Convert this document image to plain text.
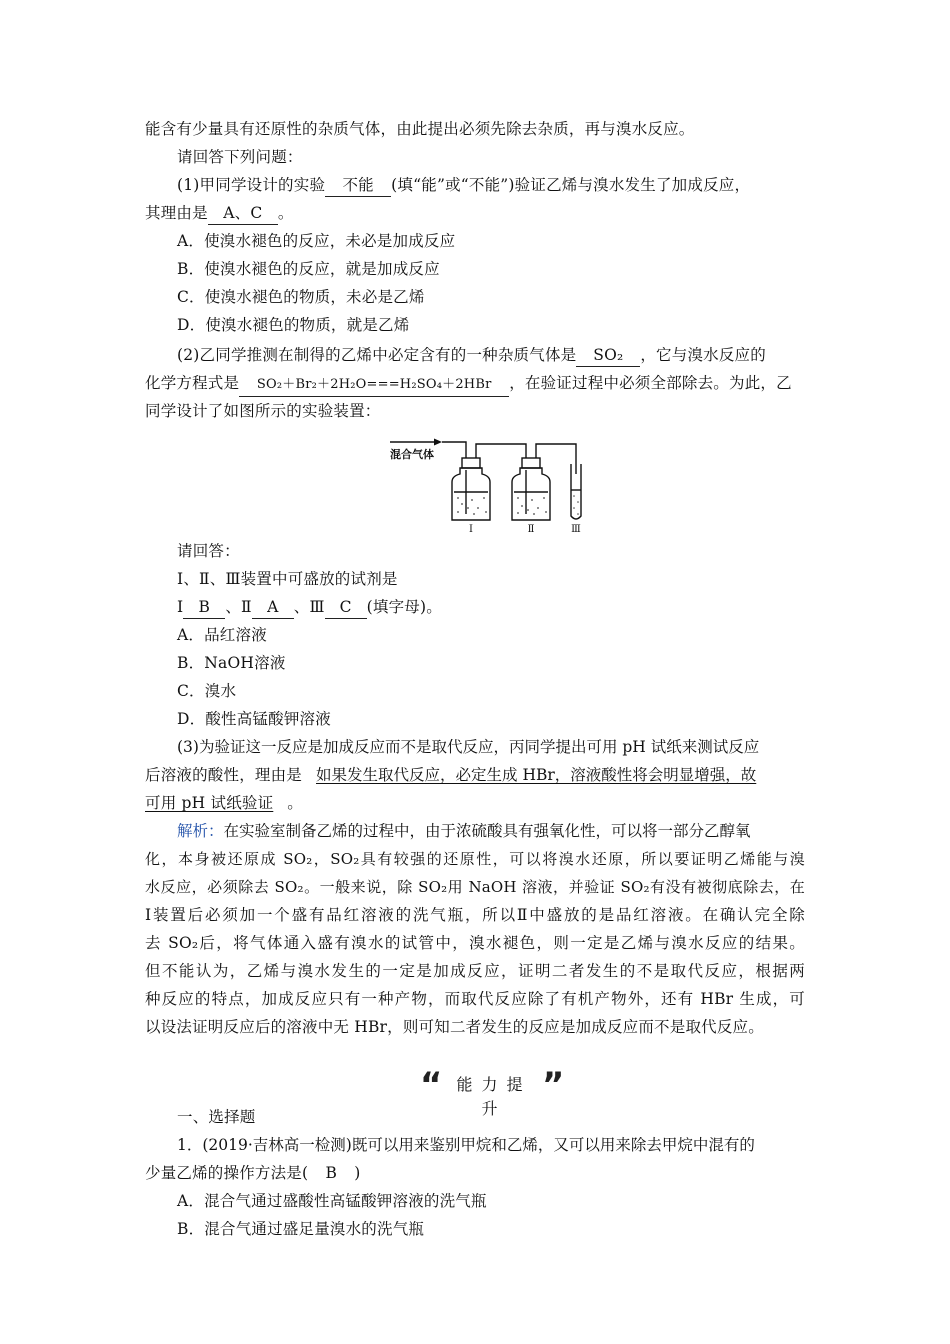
能含有少量具有还原性的杂质气体，由此提出必须先除去杂质，再与溴水反应。
请回答下列问题：
(1)甲同学设计的实验 不能 (填“能”或“不能”)验证乙烯与溴水发生了加成反应，
其理由是 A、C 。
A．使溴水褪色的反应，未必是加成反应
B．使溴水褪色的反应，就是加成反应
C．使溴水褪色的物质，未必是乙烯
D．使溴水褪色的物质，就是乙烯
(2)乙同学推测在制得的乙烯中必定含有的一种杂质气体是 SO₂ ，它与溴水反应的
化学方程式是 SO₂＋Br₂＋2H₂O===H₂SO₄＋2HBr ，在验证过程中必须全部除去。为此，乙
同学设计了如图所示的实验装置：
混合气体
Ⅰ	Ⅱ	Ⅲ
请回答：
Ⅰ、Ⅱ、Ⅲ装置中可盛放的试剂是
Ⅰ B 、Ⅱ A 、Ⅲ C (填字母)。
A．品红溶液
B．NaOH溶液
C．溴水
D．酸性高锰酸钾溶液
(3)为验证这一反应是加成反应而不是取代反应，丙同学提出可用 pH 试纸来测试反应
后溶液的酸性，理由是 如果发生取代反应，必定生成 HBr，溶液酸性将会明显增强，故
可用 pH 试纸验证 。
解析：在实验室制备乙烯的过程中，由于浓硫酸具有强氧化性，可以将一部分乙醇氧
化，本身被还原成 SO₂，SO₂具有较强的还原性，可以将溴水还原，所以要证明乙烯能与溴
水反应，必须除去 SO₂。一般来说，除 SO₂用 NaOH 溶液，并验证 SO₂有没有被彻底除去，在
Ⅰ装置后必须加一个盛有品红溶液的洗气瓶，所以Ⅱ中盛放的是品红溶液。在确认完全除
去 SO₂后，将气体通入盛有溴水的试管中，溴水褪色，则一定是乙烯与溴水反应的结果。
但不能认为，乙烯与溴水发生的一定是加成反应，证明二者发生的不是取代反应，根据两
种反应的特点，加成反应只有一种产物，而取代反应除了有机产物外，还有 HBr 生成，可
以设法证明反应后的溶液中无 HBr，则可知二者发生的反应是加成反应而不是取代反应。
“ 能力提升
”
一、选择题
1．(2019·吉林高一检测)既可以用来鉴别甲烷和乙烯，又可以用来除去甲烷中混有的
少量乙烯的操作方法是( B )
A．混合气通过盛酸性高锰酸钾溶液的洗气瓶
B．混合气通过盛足量溴水的洗气瓶
